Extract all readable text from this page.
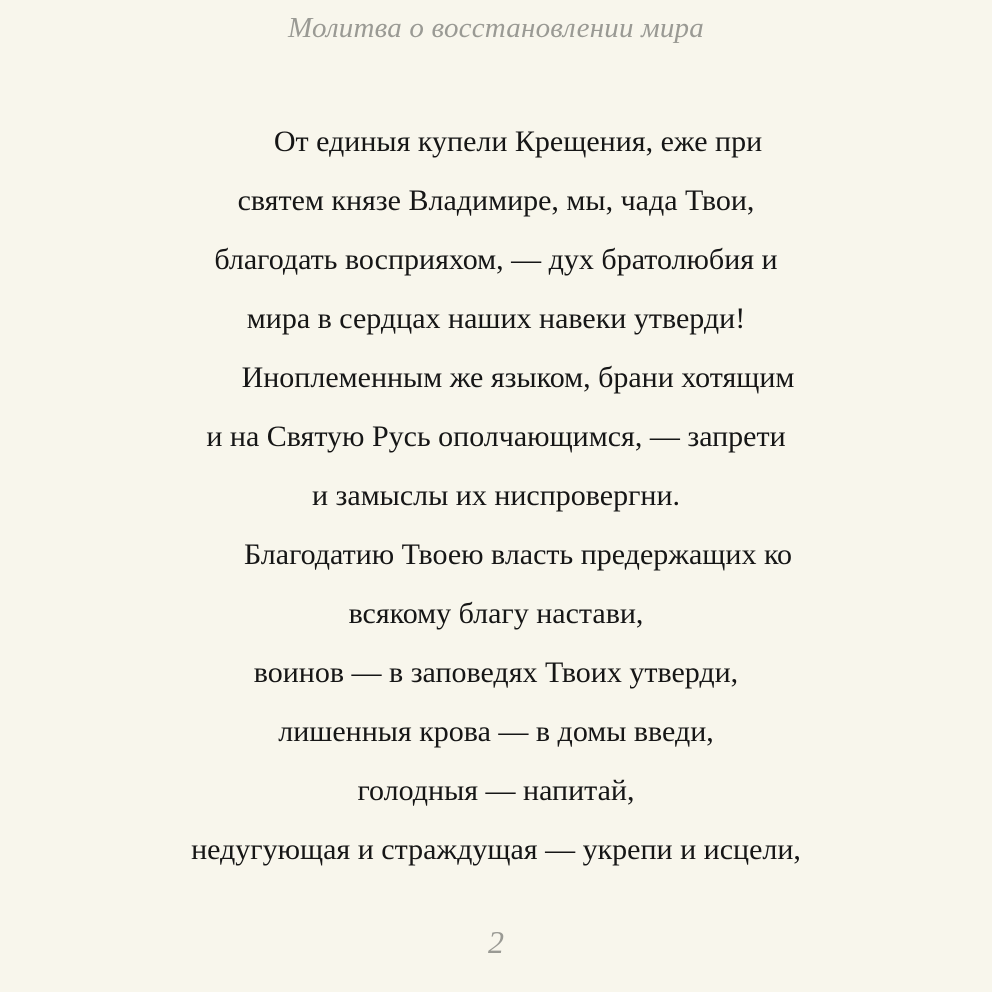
Молитва о восстановлении мира
От единыя купели Крещения, еже при
святем князе Владимире, мы, чада Твои,
благодать восприяхом, — дух братолюбия и
мира в сердцах наших навеки утверди!
Иноплеменным же языком, брани хотящим
и на Святую Русь ополчающимся, — запрети
и замыслы их ниспровергни.
Благодатию Твоею власть предержащих ко
всякому благу настави,
воинов — в заповедях Твоих утверди,
лишенныя крова — в домы введи,
голодныя — напитай,
недугующая и страждущая — укрепи и исцели,
2
